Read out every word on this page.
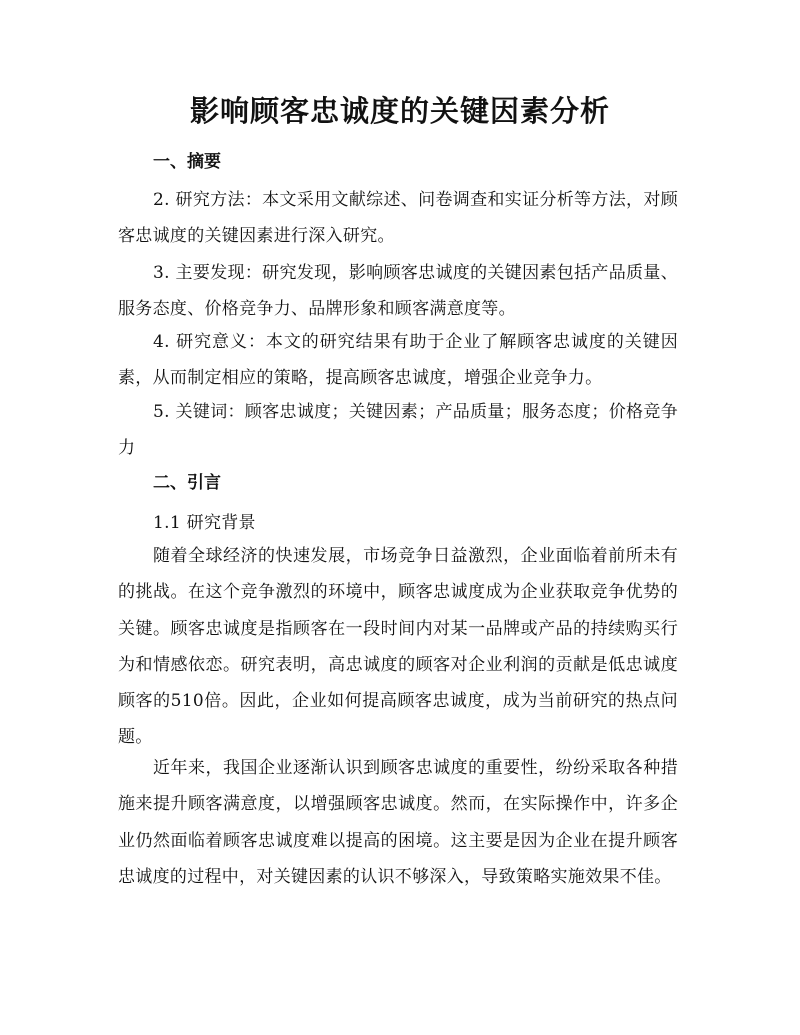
影响顾客忠诚度的关键因素分析
一、摘要
2. 研究方法：本文采用文献综述、问卷调查和实证分析等方法，对顾客忠诚度的关键因素进行深入研究。
3. 主要发现：研究发现，影响顾客忠诚度的关键因素包括产品质量、服务态度、价格竞争力、品牌形象和顾客满意度等。
4. 研究意义：本文的研究结果有助于企业了解顾客忠诚度的关键因素，从而制定相应的策略，提高顾客忠诚度，增强企业竞争力。
5. 关键词：顾客忠诚度；关键因素；产品质量；服务态度；价格竞争力
二、引言
1.1 研究背景
随着全球经济的快速发展，市场竞争日益激烈，企业面临着前所未有的挑战。在这个竞争激烈的环境中，顾客忠诚度成为企业获取竞争优势的关键。顾客忠诚度是指顾客在一段时间内对某一品牌或产品的持续购买行为和情感依恋。研究表明，高忠诚度的顾客对企业利润的贡献是低忠诚度顾客的510倍。因此，企业如何提高顾客忠诚度，成为当前研究的热点问题。
近年来，我国企业逐渐认识到顾客忠诚度的重要性，纷纷采取各种措施来提升顾客满意度，以增强顾客忠诚度。然而，在实际操作中，许多企业仍然面临着顾客忠诚度难以提高的困境。这主要是因为企业在提升顾客忠诚度的过程中，对关键因素的认识不够深入，导致策略实施效果不佳。
